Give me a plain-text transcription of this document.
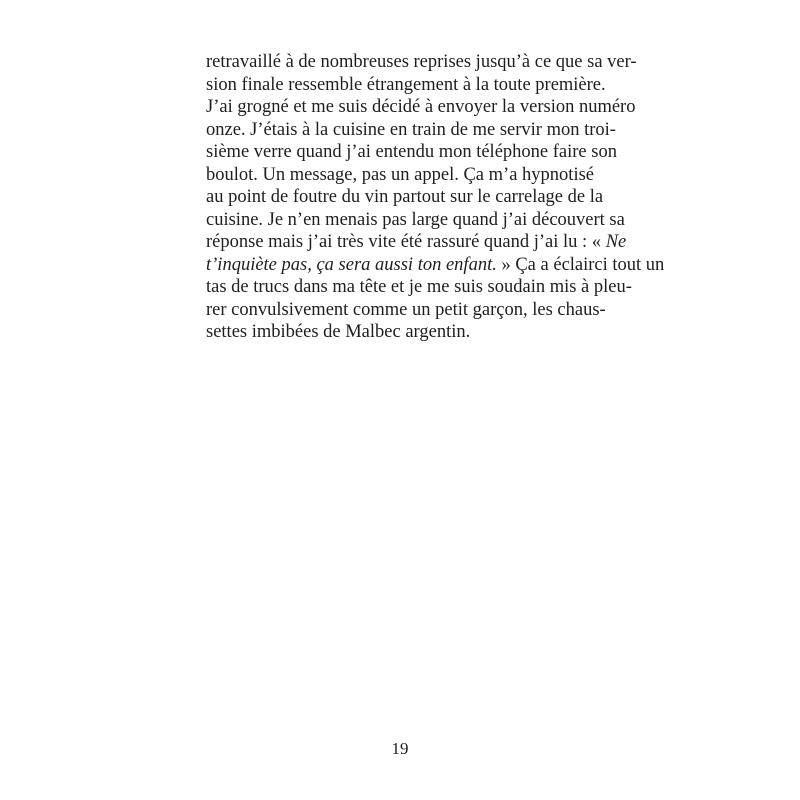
retravaillé à de nombreuses reprises jusqu’à ce que sa ver-
sion finale ressemble étrangement à la toute première.
J’ai grogné et me suis décidé à envoyer la version numéro
onze. J’étais à la cuisine en train de me servir mon troi-
sième verre quand j’ai entendu mon téléphone faire son
boulot. Un message, pas un appel. Ça m’a hypnotisé
au point de foutre du vin partout sur le carrelage de la
cuisine. Je n’en menais pas large quand j’ai découvert sa
réponse mais j’ai très vite été rassuré quand j’ai lu : « Ne
t’inquiète pas, ça sera aussi ton enfant. » Ça a éclairci tout un
tas de trucs dans ma tête et je me suis soudain mis à pleu-
rer convulsivement comme un petit garçon, les chaus-
settes imbibées de Malbec argentin.
19
